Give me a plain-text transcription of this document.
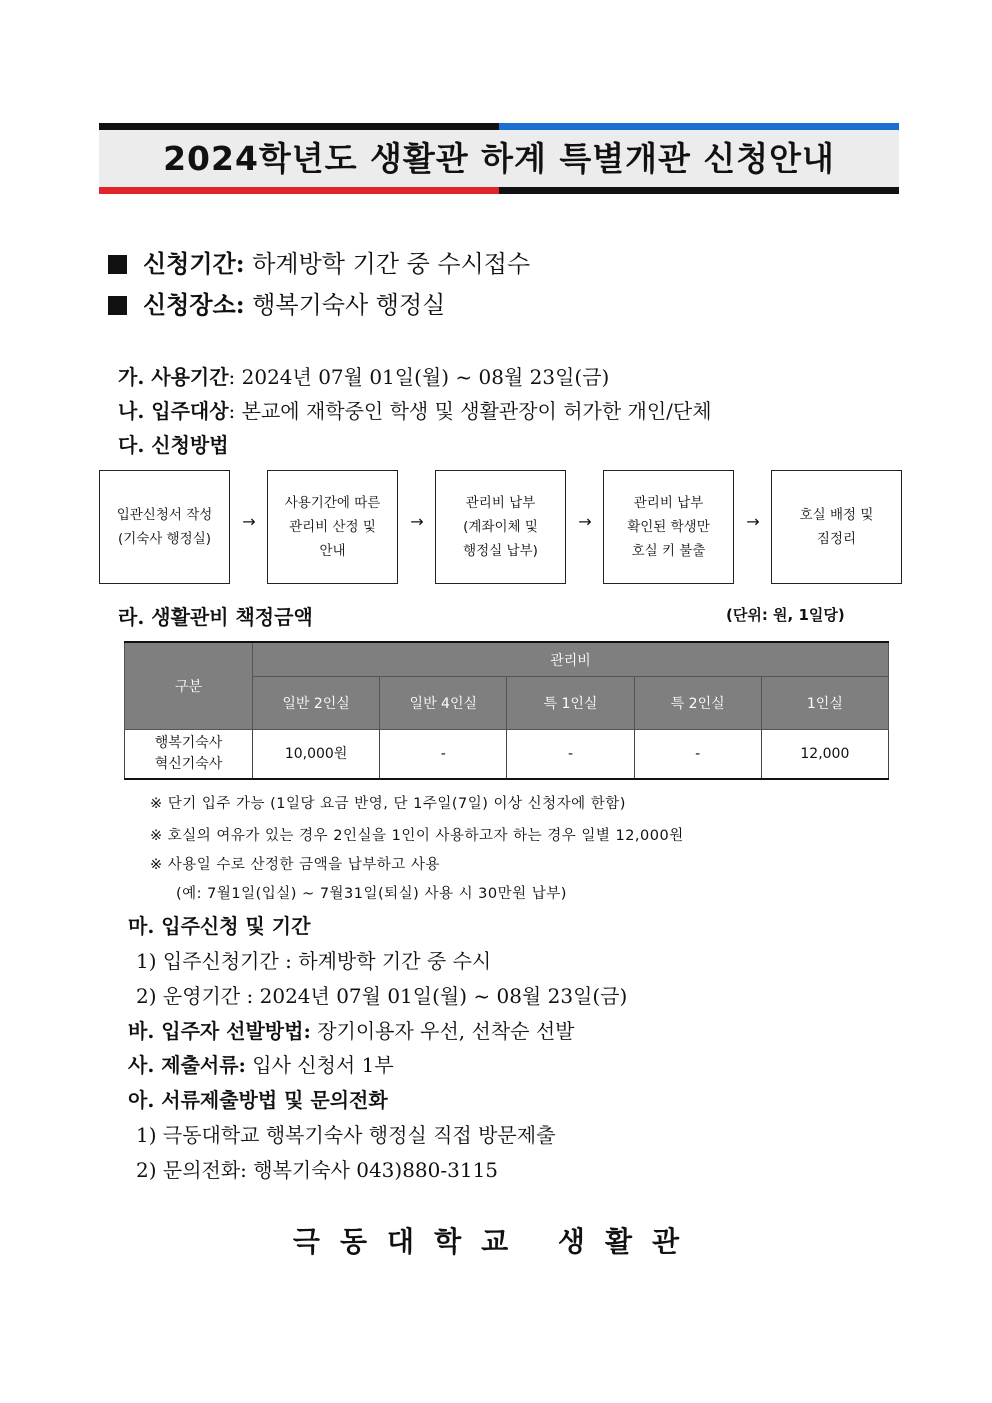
2024학년도 생활관 하계 특별개관 신청안내
신청기간: 하계방학 기간 중 수시접수
신청장소: 행복기숙사 행정실
가. 사용기간: 2024년 07월 01일(월) ~ 08월 23일(금)
나. 입주대상: 본교에 재학중인 학생 및 생활관장이 허가한 개인/단체
다. 신청방법
입관신청서 작성
(기숙사 행정실)
→
사용기간에 따른
관리비 산정 및
안내
→
관리비 납부
(계좌이체 및
행정실 납부)
→
관리비 납부
확인된 학생만
호실 키 불출
→	호실 배정 및
짐정리
라. 생활관비 책정금액	(단위: 원, 1일당)
구분	관리비				
	일반 2인실	일반 4인실	특 1인실	특 2인실	1인실
행복기숙사
혁신기숙사	10,000원	-	-	-	12,000
※ 단기 입주 가능 (1일당 요금 반영, 단 1주일(7일) 이상 신청자에 한함)
※ 호실의 여유가 있는 경우 2인실을 1인이 사용하고자 하는 경우 일별 12,000원
※ 사용일 수로 산정한 금액을 납부하고 사용
(예: 7월1일(입실) ~ 7월31일(퇴실) 사용 시 30만원 납부)
마. 입주신청 및 기간
1) 입주신청기간 : 하계방학 기간 중 수시
2) 운영기간 : 2024년 07월 01일(월) ~ 08월 23일(금)
바. 입주자 선발방법: 장기이용자 우선, 선착순 선발
사. 제출서류: 입사 신청서 1부
아. 서류제출방법 및 문의전화
1) 극동대학교 행복기숙사 행정실 직접 방문제출
2) 문의전화: 행복기숙사 043)880-3115
극동대학교 생활관
